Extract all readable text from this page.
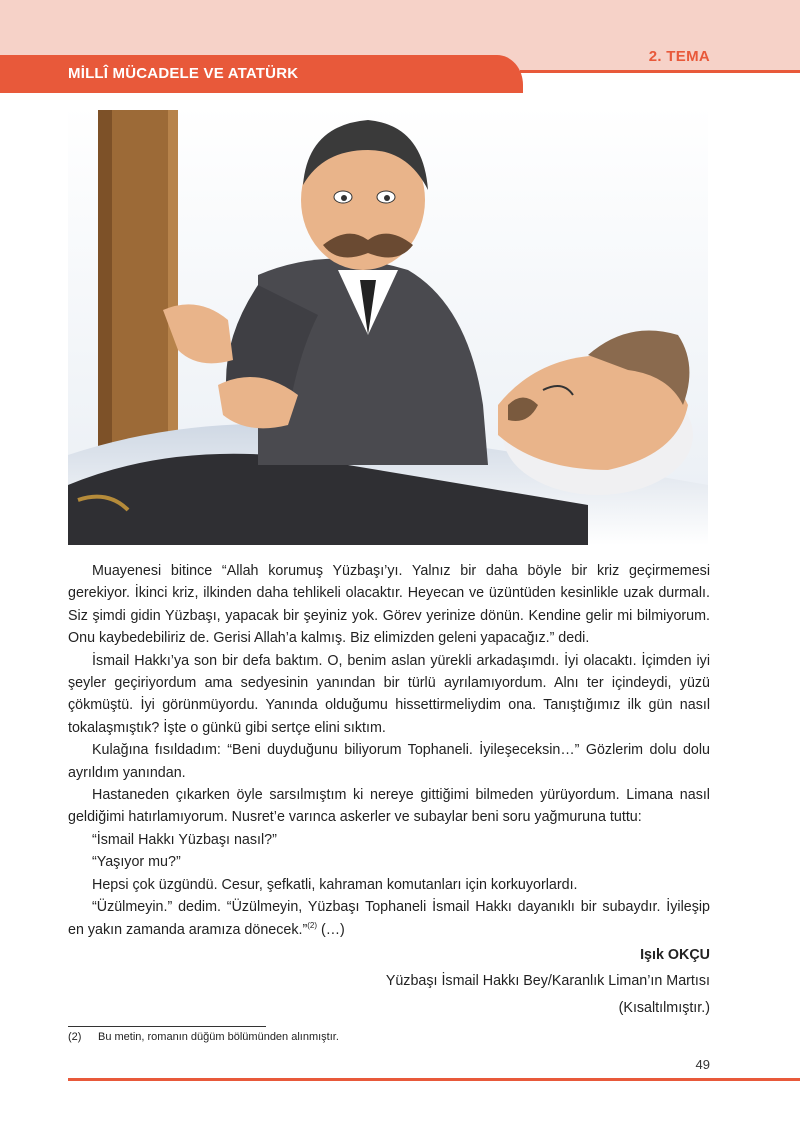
2. TEMA
MİLLÎ MÜCADELE VE ATATÜRK

Muayenesi bitince “Allah korumuş Yüzbaşı’yı. Yalnız bir daha böyle bir kriz geçirmemesi gerekiyor. İkinci kriz, ilkinden daha tehlikeli olacaktır. Heyecan ve üzüntüden kesinlikle uzak durmalı. Siz şimdi gidin Yüzbaşı, yapacak bir şeyiniz yok. Görev yerinize dönün. Kendine gelir mi bilmiyorum. Onu kaybedebiliriz de. Gerisi Allah’a kalmış. Biz elimizden geleni yapacağız.” dedi.

İsmail Hakkı’ya son bir defa baktım. O, benim aslan yürekli arkadaşımdı. İyi olacaktı. İçimden iyi şeyler geçiriyordum ama sedyesinin yanından bir türlü ayrılamıyordum. Alnı ter içindeydi, yüzü çökmüştü. İyi görünmüyordu. Yanında olduğumu hissettirmeliydim ona. Tanıştığımız ilk gün nasıl tokalaşmıştık? İşte o günkü gibi sertçe elini sıktım.

Kulağına fısıldadım: “Beni duyduğunu biliyorum Tophaneli. İyileşeceksin…” Gözlerim dolu dolu ayrıldım yanından.

Hastaneden çıkarken öyle sarsılmıştım ki nereye gittiğimi bilmeden yürüyordum. Limana nasıl geldiğimi hatırlamıyorum. Nusret’e varınca askerler ve subaylar beni soru yağmuruna tuttu:

“İsmail Hakkı Yüzbaşı nasıl?”

“Yaşıyor mu?”

Hepsi çok üzgündü. Cesur, şefkatli, kahraman komutanları için korkuyorlardı.

“Üzülmeyin.” dedim. “Üzülmeyin, Yüzbaşı Tophaneli İsmail Hakkı dayanıklı bir subaydır. İyileşip en yakın zamanda aramıza dönecek.”$^{(2)}$ (…)

Işık OKÇU
Yüzbaşı İsmail Hakkı Bey/Karanlık Liman’ın Martısı
(Kısaltılmıştır.)
(2) Bu metin, romanın düğüm bölümünden alınmıştır.
49
